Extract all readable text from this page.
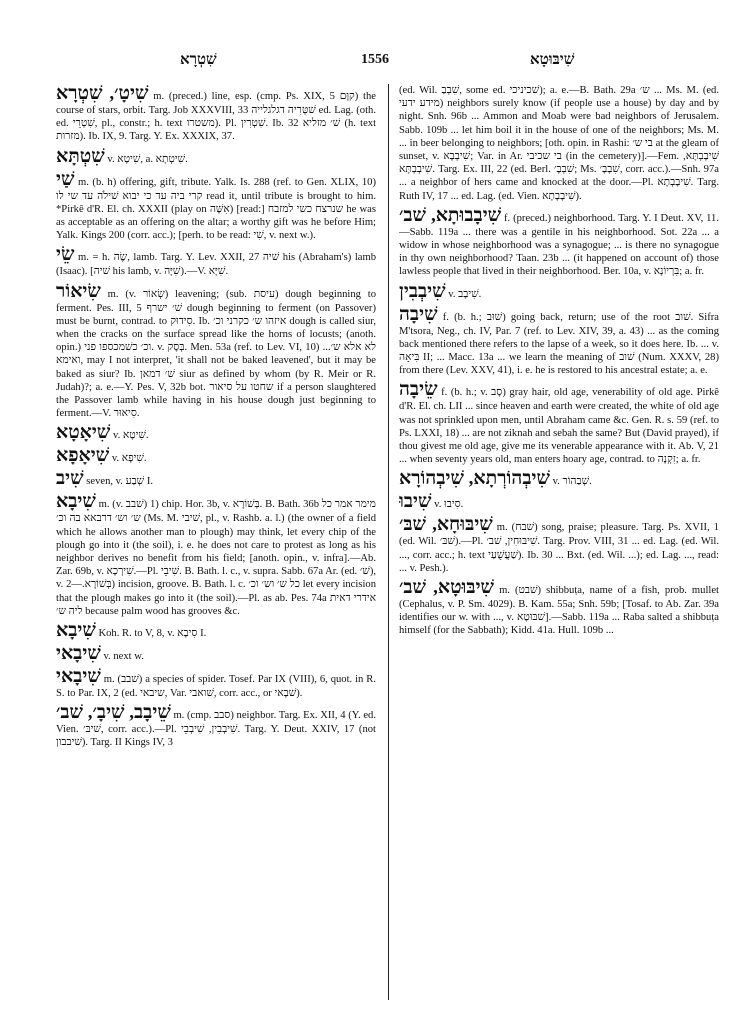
1556
שִׁטְרָא	שִׁיבּוּטָא
שִׁיטָ׳, שִׁטְרָא m. (preced.) line, esp. (cmp. Ps. XIX, 5 קוָּם) the course of stars, orbit. Targ. Job XXXVIII, 33 שׁטְּרִיה דגלגלייה ed. Lag. (oth. ed. שִׁטְרֵי, pl., constr.; h. text משטרו). Pl. שִׁטְרִין. Ib. 32 שׁ׳ מזליא (h. text מזרות). Ib. IX, 9. Targ. Y. Ex. XXXIX, 37.
שִׁטְתָּא v. שִׁיטָא, a. שִׁיטְתָא.
שַׁי m. (b. h) offering, gift, tribute. Yalk. Is. 288 (ref. to Gen. XLIX, 10) קרי ביה עד כי יבוא שׁילֹה עד שי לו read it, until tribute is brought to him. *Pirkê d'R. El. ch. XXXII (play on אִשָּׁה) [read:] שנרצח כשי למזבח he was as acceptable as an offering on the altar; a worthy gift was he before Him; Yalk. Kings 200 (corr. acc.); [perh. to be read: שִׁי, v. next w.).
שֵׂי m. = h. שֶׂה, lamb. Targ. Y. Lev. XXII, 27 שׁיה his (Abraham's) lamb (Isaac). [שׁיה his lamb, v. שִׁיָּה).—V. שִׁיָּא.
שִׂיאוֹר m. (v. שְׂאוֹר) leavening; (sub. עיסת) dough beginning to ferment. Pes. III, 5 שׁ׳ ישרף dough beginning to ferment (on Passover) must be burnt, contrad. to סִידוּק. Ib. איזהו ש׳ כקרני וכ׳ dough is called siur, when the cracks on the surface spread like the horns of locusts; (anoth. opin.) וכ׳ כשׁמכספו פני. v. בְּסָק. Men. 53a (ref. to Lev. VI, 10) לא אלא ש׳... ואימא, may I not interpret, 'it shall not be baked leavened', but it may be baked as siur? Ib. שׁ׳ דמאן siur as defined by whom (by R. Meir or R. Judah)?; a. e.—Y. Pes. V, 32b bot. שחטו על סיאור if a person slaughtered the Passover lamb while having in his house dough just beginning to ferment.—V. סִיאוּר.
שִׁיאָטָא v. שִׁיטָא.
שִׁיאָפָא v. שִׁיפָא.
שִׁיב seven, v. שְׁבַע I.
שִׁיבָא m. (v. שׁבב) 1) chip. Hor. 3b, v. בְּשׁוֹרָא. B. Bath. 36b מימר אמר כל ש׳ וש׳ דרבאא בה וכ׳ (Ms. M. שׁיבי, pl., v. Rashb. a. l.) (the owner of a field which he allows another man to plough) may think, let every chip of the plough go into it (the soil), i. e. he does not care to protest as long as his neighbor derives no benefit from his field; [anoth. opin., v. infra].—Ab. Zar. 69b, v. שִׁירְכָא.—Pl. שִׁיבֵי. B. Bath. l. c., v. supra. Sabb. 67a Ar. (ed. שׁ׳), v. בְּשׁוֹרָא.—2) incision, groove. B. Bath. l. c. כל ש׳ וש׳ וכ׳ let every incision that the plough makes go into it (the soil).—Pl. as ab. Pes. 74a אידרי דאית ליה ש׳ because palm wood has grooves &c.
שִׁיבָא Koh. R. to V, 8, v. סִיבָא I.
שִׁיבָאי v. next w.
שִׁיבָאי m. (שׁבב) a species of spider. Tosef. Par IX (VIII), 6, quot. in R. S. to Par. IX, 2 (ed. שיבאי, Var. שׁואבי, corr. acc., or שׁבָאי).
שֵׁיבָב, שִׁיבָ׳, שׁב׳ m. (cmp. סבב) neighbor. Targ. Ex. XII, 4 (Y. ed. Vien. שׁיבּ׳, corr. acc.).—Pl. שִׁיבְבִין, שִׁיבְבֵי. Targ. Y. Deut. XXIV, 17 (not שׁיבבון). Targ. II Kings IV, 3
(ed. Wil. שִׁבְבַ, some ed. שׁכיניכי); a. e.—B. Bath. 29a ש׳ ... Ms. M. (ed. מידע ידעי) neighbors surely know (if people use a house) by day and by night. Snh. 96b ... Ammon and Moab were bad neighbors of Jerusalem. Sabb. 109b ... let him boil it in the house of one of the neighbors; Ms. M. ... in beer belonging to neighbors; [oth. opin. in Rashi: בי ש׳ at the gleam of sunset, v. שִׁיבְבָא; Var. in Ar. בי שכיבי (in the cemetery)].—Fem. שִׁיבָבְתָּא, שִׁיבְבְתָּא. Targ. Ex. III, 22 (ed. Berl. שִׁבְבָ׳; Ms. שִׁבָבָ׳, corr. acc.).—Snh. 97a ... a neighbor of hers came and knocked at the door.—Pl. שִׁיבָבְתָא. Targ. Ruth IV, 17 ... ed. Lag. (ed. Vien. שִׁיבָבָתָא).
שִׁיבָבוּתָא, שׁב׳ f. (preced.) neighborhood. Targ. Y. I Deut. XV, 11.—Sabb. 119a ... there was a gentile in his neighborhood. Sot. 22a ... a widow in whose neighborhood was a synagogue; ... is there no synagogue in thy own neighborhood? Taan. 23b ... (it happened on account of) those lawless people that lived in their neighborhood. Ber. 10a, v. בִּרְיוֹנָא; a. fr.
שִׁיבְבִין v. שִׁיבָב.
שִׁיבָה f. (b. h.; שׁוּב) going back, return; use of the root שׁוב. Sifra M'tsora, Neg., ch. IV, Par. 7 (ref. to Lev. XIV, 39, a. 43) ... as the coming back mentioned there refers to the lapse of a week, so it does here. Ib. ... v. בִּיאָה II; ... Macc. 13a ... we learn the meaning of שׁוב (Num. XXXV, 28) from there (Lev. XXV, 41), i. e. he is restored to his ancestral estate; a. e.
שֵׂיבָה f. (b. h.; v. סָב) gray hair, old age, venerability of old age. Pirkê d'R. El. ch. LII ... since heaven and earth were created, the white of old age was not sprinkled upon men, until Abraham came &c. Gen. R. s. 59 (ref. to Ps. LXXI, 18) ... are not ziknah and sebah the same? But (David prayed), if thou givest me old age, give me its venerable appearance with it. Ab. V, 21 ... when seventy years old, man enters hoary age, contrad. to זִקְנָה; a. fr.
שִׁיבְהוֹרְתָא, שִׁיבְהוֹרָא v. שְׁבַהוֹר.
שִׁיבוּ v. סִיבוּ.
שִׁיבּוּחָא, שׁבּ׳ m. (שׁבח) song, praise; pleasure. Targ. Ps. XVII, 1 (ed. Wil. שׁבּ׳).—Pl. שִׁיבּוּחִין, שׁב׳. Targ. Prov. VIII, 31 ... ed. Lag. (ed. Wil. ..., corr. acc.; h. text שַׁעֲשֻׁעַי). Ib. 30 ... Bxt. (ed. Wil. ...); ed. Lag. ..., read: ... v. Pesh.).
שִׁיבּוּטָא, שׁב׳ m. (שׁבט) shibbuṭa, name of a fish, prob. mullet (Cephalus, v. P. Sm. 4029). B. Kam. 55a; Snh. 59b; [Tosaf. to Ab. Zar. 39a identifies our w. with ..., v. שׁבּוּטָא].—Sabb. 119a ... Raba salted a shibbuṭa himself (for the Sabbath); Kidd. 41a. Hull. 109b ...
